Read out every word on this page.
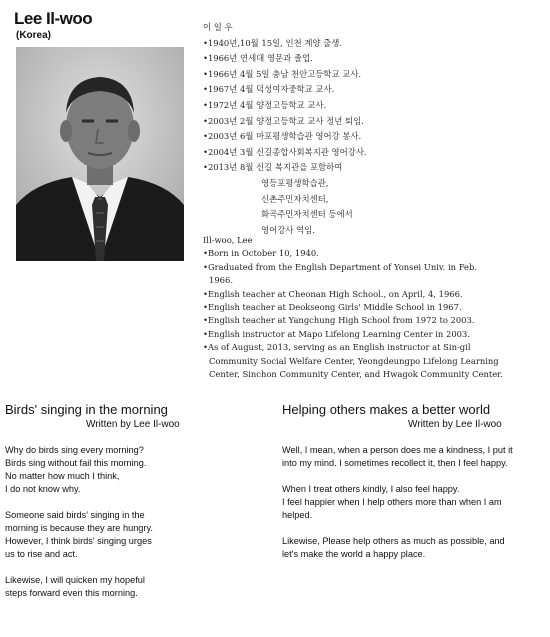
Lee Il-woo
(Korea)
이 일 우
•1940년,10월 15일, 인천 계양 출생.
•1966년 연세대 영문과 졸업.
•1966년 4월 5일 충남 천안고등학교 교사.
•1967년 4월 덕성여자중학교 교사.
•1972년 4월 양정고등학교 교사.
•2003년 2월 양정고등학교 교사 정년 퇴임.
•2003년 6월 마포평생학습관 영어강 봉사.
•2004년 3월 신길종합사회복지관 영어강사.
•2013년 8월 신길 복지관을 포함하여
영등포평생학습관,
신촌주민자치센터,
화곡주민자치센터 등에서
영어강사 역임.
Ill-woo, Lee
•Born in October 10, 1940.
•Graduated from the English Department of Yonsei Univ. in Feb.
1966.
•English teacher at Cheonan High School., on April, 4, 1966.
•English teacher at Deokseong Girls' Middle School in 1967.
•English teacher at Yangchung High School from 1972 to 2003.
•English instructor at Mapo Lifelong Learning Center in 2003.
•As of August, 2013, serving as an English instructor at Sin-gil
Community Social Welfare Center, Yeongdeungpo Lifelong Learning
Center, Sinchon Community Center, and Hwagok Community Center.
Birds' singing in the morning
Written by Lee Il-woo

Why do birds sing every morning?
Birds sing without fail this morning.
No matter how much I think,
I do not know why.

Someone said birds' singing in the
morning is because they are hungry.
However, I think birds' singing urges
us to rise and act.

Likewise, I will quicken my hopeful
steps forward even this morning.

Helping others makes a better world
Written by Lee Il-woo

Well, I mean, when a person does me a kindness, I put it
into my mind. I sometimes recollect it, then I feel happy.

When I treat others kindly, I also feel happy.
I feel happier when I help others more than when I am
helped.

Likewise, Please help others as much as possible, and
let's make the world a happy place.
